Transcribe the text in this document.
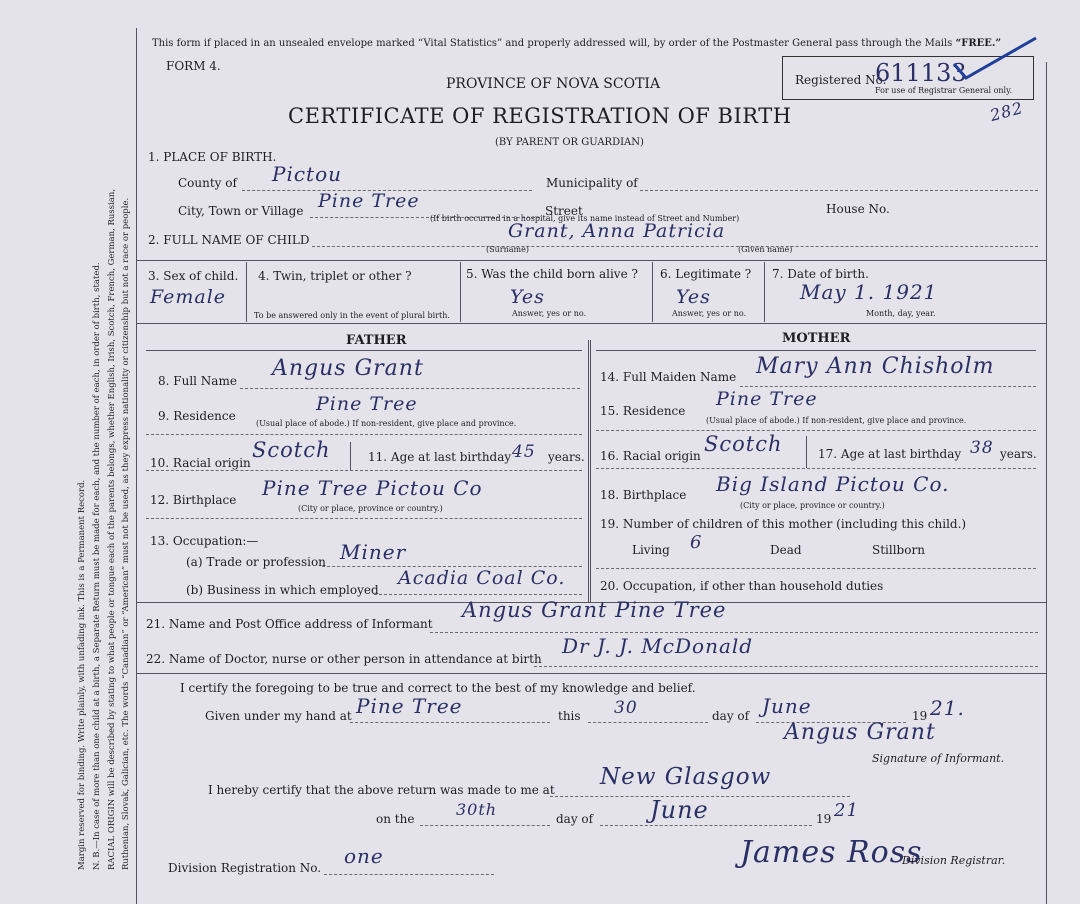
Margin reserved for binding. Write plainly, with unfading ink. This is a Permanent Record. N. B.—In case of more than one child at a birth, a Separate Return must be made for each, and the number of each, in order of birth, stated. RACIAL ORIGIN will be described by stating to what people or tongue each of the parents belongs, whether English, Irish, Scotch, French, German, Russian, Ruthenian, Slovak, Galician, etc. The words “Canadian” or “American” must not be used, as they express nationality or citizenship but not a race or people.
This form if placed in an unsealed envelope marked “Vital Statistics” and properly addressed will, by order of the Postmaster General pass through the Mails “FREE.”
FORM 4.
PROVINCE OF NOVA SCOTIA
CERTIFICATE OF REGISTRATION OF BIRTH
(BY PARENT OR GUARDIAN)
Registered No.
611133
For use of Registrar General only.
282
1. PLACE OF BIRTH.
County of Pictou	Municipality of
City, Town or Village Pine Tree	Street	House No.
(If birth occurred in a hospital, give its name instead of Street and Number)
2. FULL NAME OF CHILD	Grant, Anna Patricia
(Surname)	(Given name)
3. Sex of child.
Female
4. Twin, triplet or other ?
To be answered only in the event of plural birth.
5. Was the child born alive ?
Yes
Answer, yes or no.
6. Legitimate ?
Yes
Answer, yes or no.
7. Date of birth.
May 1. 1921
Month, day, year.
FATHER	MOTHER
8. Full Name Angus Grant
9. Residence
Pine Tree
(Usual place of abode.) If non-resident, give place and province.
10. Racial origin
Scotch	11. Age at last birthday 45 years.
12. Birthplace Pine Tree Pictou Co
(City or place, province or country.)
13. Occupation:—
(a) Trade or profession Miner
(b) Business in which employed
Acadia Coal Co.
14. Full Maiden Name Mary Ann Chisholm
15. Residence
Pine Tree
(Usual place of abode.) If non-resident, give place and province.
16. Racial origin Scotch	17. Age at last birthday 38 years.
18. Birthplace Big Island Pictou Co.
(City or place, province or country.)
19. Number of children of this mother (including this child.)
Living 6	Dead	Stillborn
20. Occupation, if other than household duties
21. Name and Post Office address of Informant
Angus Grant Pine Tree
22. Name of Doctor, nurse or other person in attendance at birth
Dr J. J. McDonald
I certify the foregoing to be true and correct to the best of my knowledge and belief.
Given under my hand at Pine Tree	this 30	day of June	19 21.
Angus Grant
Signature of Informant.
I hereby certify that the above return was made to me at New Glasgow
on the	30th	day of June	19 21
James Ross
Division Registrar.
Division Registration No. one
